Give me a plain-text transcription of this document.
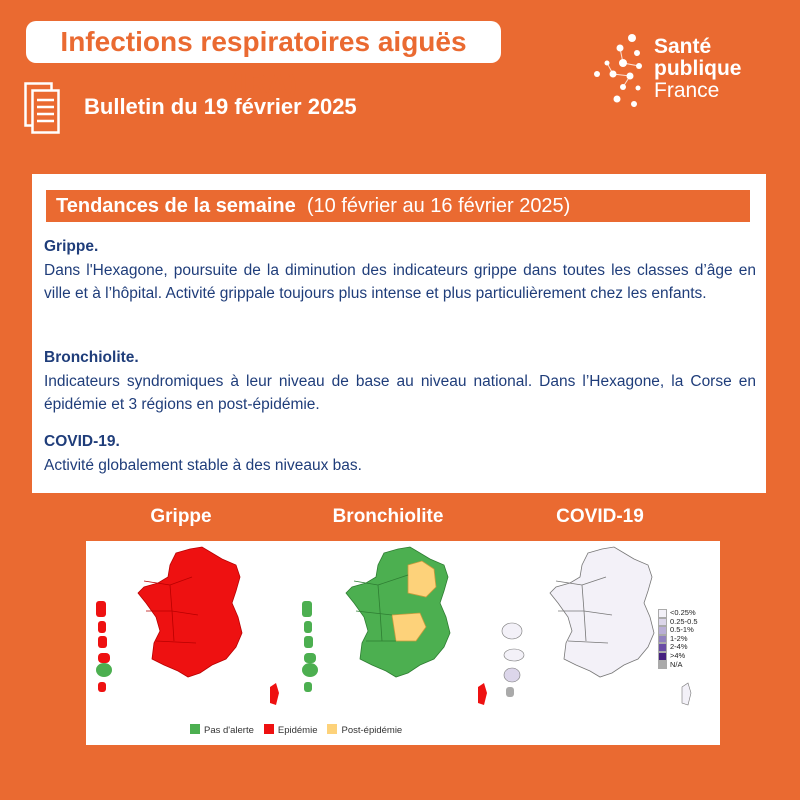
Infections respiratoires aiguës (IRA)
Bulletin du 19 février 2025
Santé
publique
France
Tendances de la semaine (10 février au 16 février 2025)
Grippe.

Dans l'Hexagone, poursuite de la diminution des indicateurs grippe dans toutes les classes d’âge en ville et à l’hôpital. Activité grippale toujours plus intense et plus particulièrement chez les enfants.

Bronchiolite.

Indicateurs syndromiques à leur niveau de base au niveau national. Dans l’Hexagone, la Corse en épidémie et 3 régions en post-épidémie.

COVID-19.

Activité globalement stable à des niveaux bas.

Grippe	Bronchiolite	COVID-19
Pas d'alerte	Epidémie	Post-épidémie
<0.25%
0.25-0.5
0.5-1%
1-2%
2-4%
>4%
N/A
